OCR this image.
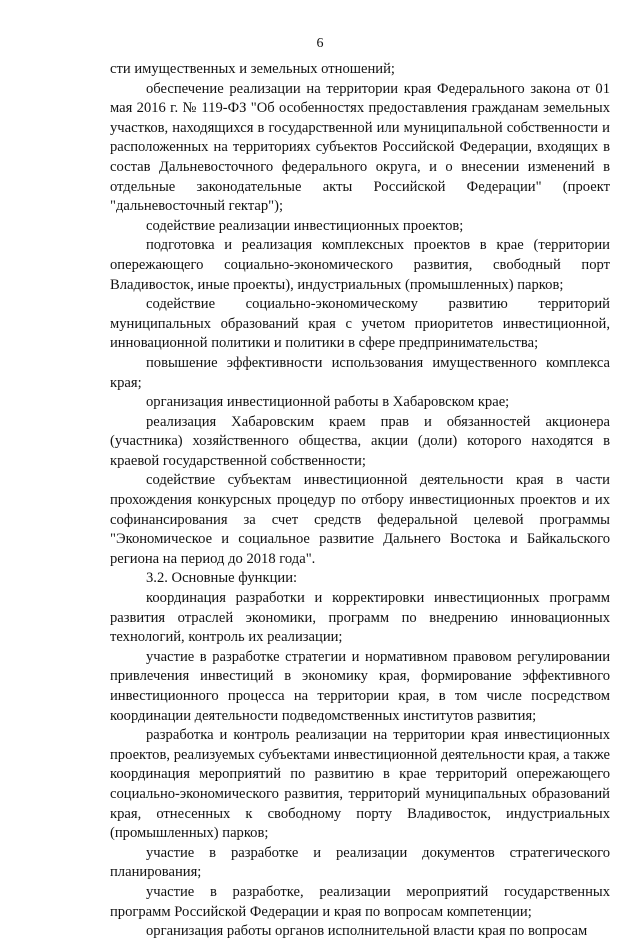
6

сти имущественных и земельных отношений;

обеспечение реализации на территории края Федерального закона от 01 мая 2016 г. № 119-ФЗ "Об особенностях предоставления гражданам земельных участков, находящихся в государственной или муниципальной собственности и расположенных на территориях субъектов Российской Федерации, входящих в состав Дальневосточного федерального округа, и о внесении изменений в отдельные законодательные акты Российской Федерации" (проект "дальневосточный гектар");

содействие реализации инвестиционных проектов;

подготовка и реализация комплексных проектов в крае (территории опережающего социально-экономического развития, свободный порт Владивосток, иные проекты), индустриальных (промышленных) парков;

содействие социально-экономическому развитию территорий муниципальных образований края с учетом приоритетов инвестиционной, инновационной политики и политики в сфере предпринимательства;

повышение эффективности использования имущественного комплекса края;

организация инвестиционной работы в Хабаровском крае;

реализация Хабаровским краем прав и обязанностей акционера (участника) хозяйственного общества, акции (доли) которого находятся в краевой государственной собственности;

содействие субъектам инвестиционной деятельности края в части прохождения конкурсных процедур по отбору инвестиционных проектов и их софинансирования за счет средств федеральной целевой программы "Экономическое и социальное развитие Дальнего Востока и Байкальского региона на период до 2018 года".

3.2. Основные функции:

координация разработки и корректировки инвестиционных программ развития отраслей экономики, программ по внедрению инновационных технологий, контроль их реализации;

участие в разработке стратегии и нормативном правовом регулировании привлечения инвестиций в экономику края, формирование эффективного инвестиционного процесса на территории края, в том числе посредством координации деятельности подведомственных институтов развития;

разработка и контроль реализации на территории края инвестиционных проектов, реализуемых субъектами инвестиционной деятельности края, а также координация мероприятий по развитию в крае территорий опережающего социально-экономического развития, территорий муниципальных образований края, отнесенных к свободному порту Владивосток, индустриальных (промышленных) парков;

участие в разработке и реализации документов стратегического планирования;

участие в разработке, реализации мероприятий государственных программ Российской Федерации и края по вопросам компетенции;

организация работы органов исполнительной власти края по вопросам
